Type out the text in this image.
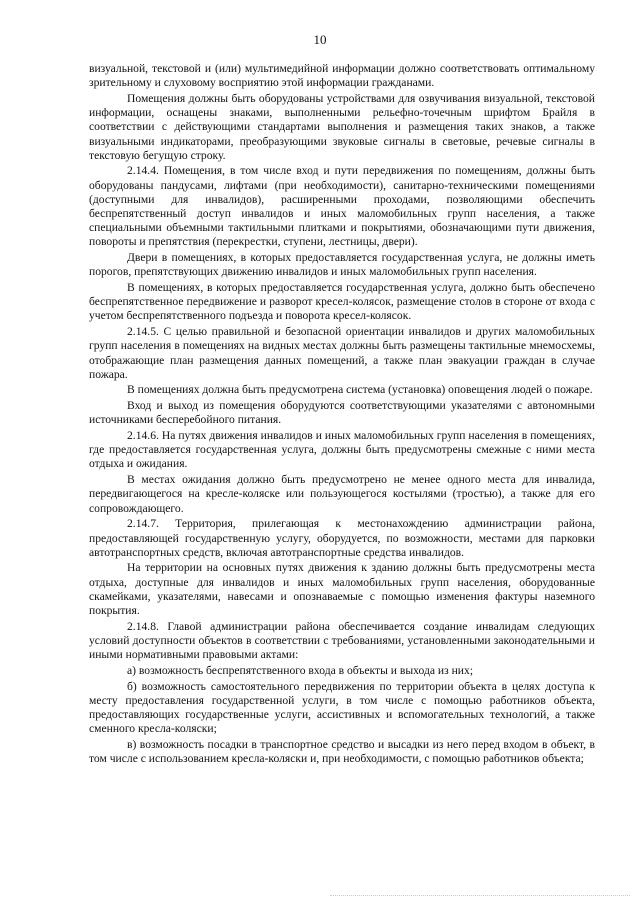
10

визуальной, текстовой и (или) мультимедийной информации должно соответствовать оптимальному зрительному и слуховому восприятию этой информации гражданами.

Помещения должны быть оборудованы устройствами для озвучивания визуальной, текстовой информации, оснащены знаками, выполненными рельефно-точечным шрифтом Брайля в соответствии с действующими стандартами выполнения и размещения таких знаков, а также визуальными индикаторами, преобразующими звуковые сигналы в световые, речевые сигналы в текстовую бегущую строку.

2.14.4. Помещения, в том числе вход и пути передвижения по помещениям, должны быть оборудованы пандусами, лифтами (при необходимости), санитарно-техническими помещениями (доступными для инвалидов), расширенными проходами, позволяющими обеспечить беспрепятственный доступ инвалидов и иных маломобильных групп населения, а также специальными объемными тактильными плитками и покрытиями, обозначающими пути движения, повороты и препятствия (перекрестки, ступени, лестницы, двери).

Двери в помещениях, в которых предоставляется государственная услуга, не должны иметь порогов, препятствующих движению инвалидов и иных маломобильных групп населения.

В помещениях, в которых предоставляется государственная услуга, должно быть обеспечено беспрепятственное передвижение и разворот кресел-колясок, размещение столов в стороне от входа с учетом беспрепятственного подъезда и поворота кресел-колясок.

2.14.5. С целью правильной и безопасной ориентации инвалидов и других маломобильных групп населения в помещениях на видных местах должны быть размещены тактильные мнемосхемы, отображающие план размещения данных помещений, а также план эвакуации граждан в случае пожара.

В помещениях должна быть предусмотрена система (установка) оповещения людей о пожаре.

Вход и выход из помещения оборудуются соответствующими указателями с автономными источниками бесперебойного питания.

2.14.6. На путях движения инвалидов и иных маломобильных групп населения в помещениях, где предоставляется государственная услуга, должны быть предусмотрены смежные с ними места отдыха и ожидания.

В местах ожидания должно быть предусмотрено не менее одного места для инвалида, передвигающегося на кресле-коляске или пользующегося костылями (тростью), а также для его сопровождающего.

2.14.7. Территория, прилегающая к местонахождению администрации района, предоставляющей государственную услугу, оборудуется, по возможности, местами для парковки автотранспортных средств, включая автотранспортные средства инвалидов.

На территории на основных путях движения к зданию должны быть предусмотрены места отдыха, доступные для инвалидов и иных маломобильных групп населения, оборудованные скамейками, указателями, навесами и опознаваемые с помощью изменения фактуры наземного покрытия.

2.14.8. Главой администрации района обеспечивается создание инвалидам следующих условий доступности объектов в соответствии с требованиями, установленными законодательными и иными нормативными правовыми актами:

а) возможность беспрепятственного входа в объекты и выхода из них;

б) возможность самостоятельного передвижения по территории объекта в целях доступа к месту предоставления государственной услуги, в том числе с помощью работников объекта, предоставляющих государственные услуги, ассистивных и вспомогательных технологий, а также сменного кресла-коляски;

в) возможность посадки в транспортное средство и высадки из него перед входом в объект, в том числе с использованием кресла-коляски и, при необходимости, с помощью работников объекта;
